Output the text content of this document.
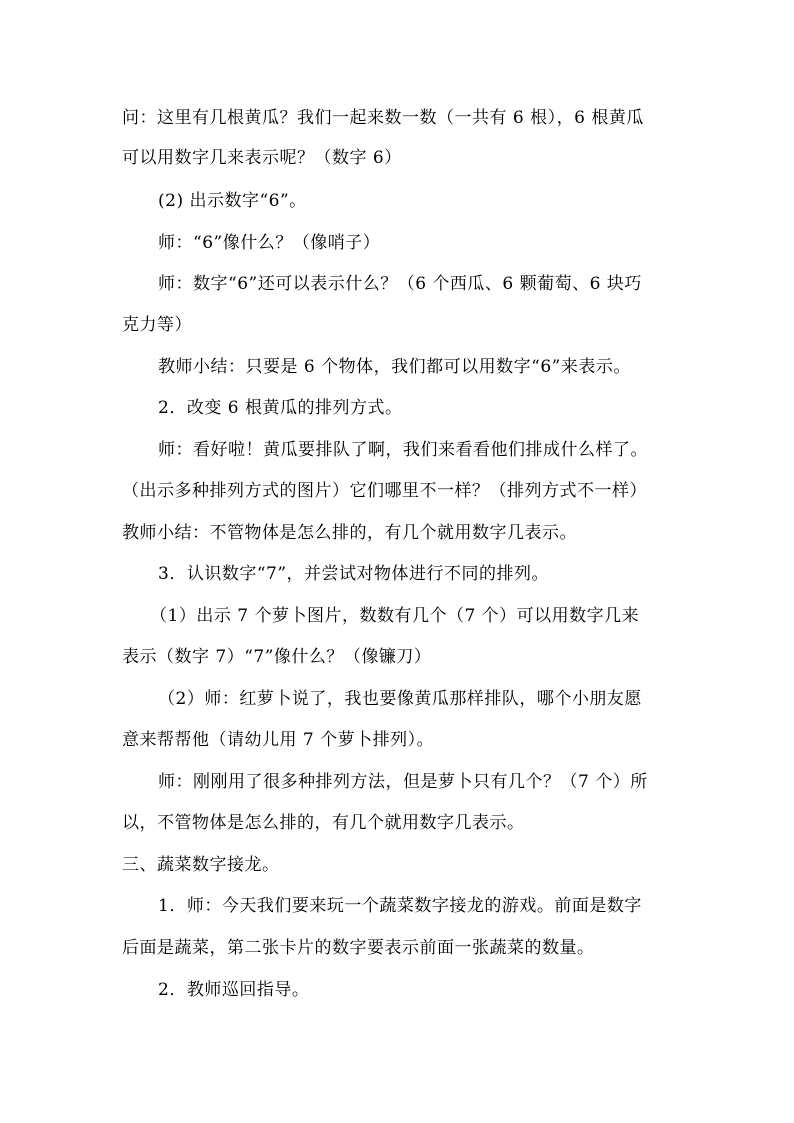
问：这里有几根黄瓜？我们一起来数一数（一共有 6 根），6 根黄瓜
可以用数字几来表示呢？（数字 6）
(2) 出示数字“6”。
师：“6”像什么？（像哨子）
师：数字“6”还可以表示什么？（6 个西瓜、6 颗葡萄、6 块巧
克力等）
教师小结：只要是 6 个物体，我们都可以用数字“6”来表示。
2．改变 6 根黄瓜的排列方式。
师：看好啦！黄瓜要排队了啊，我们来看看他们排成什么样了。
（出示多种排列方式的图片）它们哪里不一样？（排列方式不一样）
教师小结：不管物体是怎么排的，有几个就用数字几表示。
3．认识数字“7”，并尝试对物体进行不同的排列。
（1）出示 7 个萝卜图片，数数有几个（7 个）可以用数字几来
表示（数字 7）“7”像什么？（像镰刀）
（2）师：红萝卜说了，我也要像黄瓜那样排队，哪个小朋友愿
意来帮帮他（请幼儿用 7 个萝卜排列）。
师：刚刚用了很多种排列方法，但是萝卜只有几个？（7 个）所
以，不管物体是怎么排的，有几个就用数字几表示。
三、蔬菜数字接龙。
1．师：今天我们要来玩一个蔬菜数字接龙的游戏。前面是数字
后面是蔬菜，第二张卡片的数字要表示前面一张蔬菜的数量。
2．教师巡回指导。
